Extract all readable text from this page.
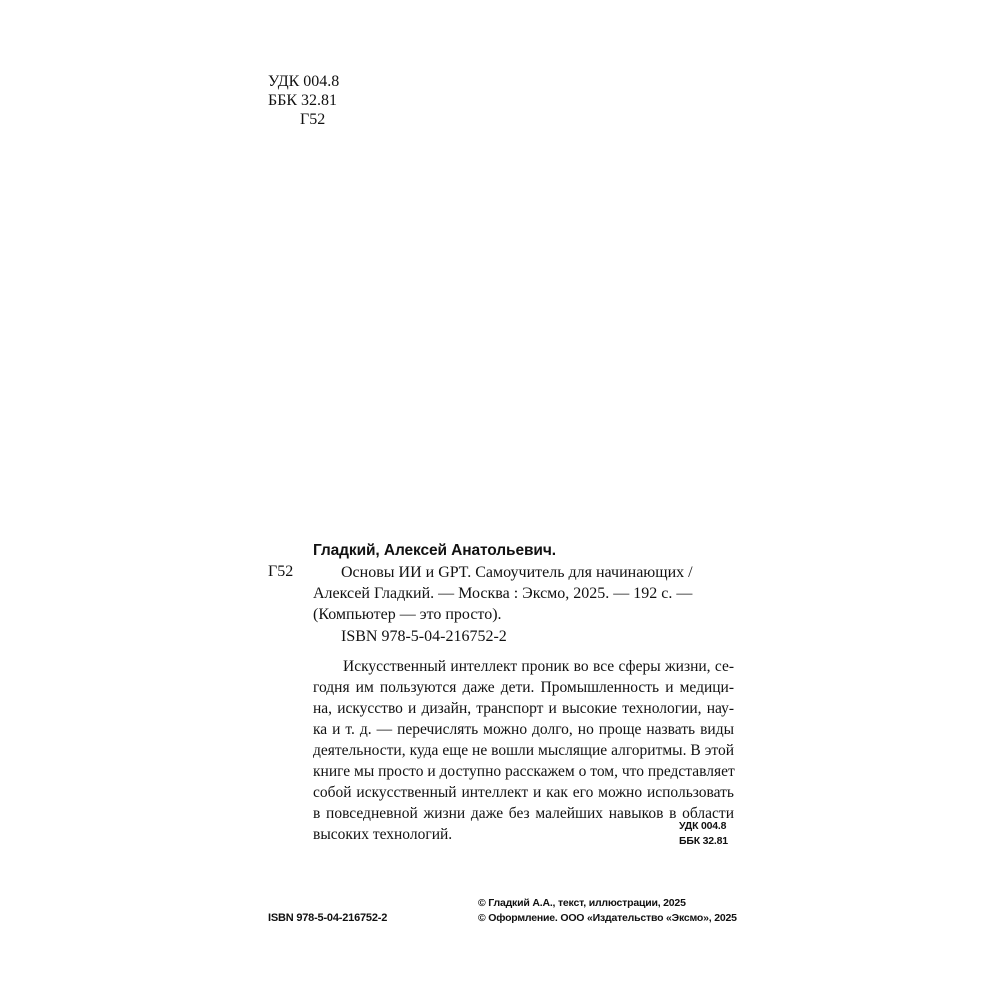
УДК 004.8
ББК 32.81
Г52
Гладкий, Алексей Анатольевич.
Г52	Основы ИИ и GPT. Самоучитель для начинающих /
Алексей Гладкий. — Москва : Эксмо, 2025. — 192 с. —
(Компьютер — это просто).
ISBN 978-5-04-216752-2
Искусственный интеллект проник во все сферы жизни, се-
годня им пользуются даже дети. Промышленность и медици-
на, искусство и дизайн, транспорт и высокие технологии, нау-
ка и т. д. — перечислять можно долго, но проще назвать виды
деятельности, куда еще не вошли мыслящие алгоритмы. В этой
книге мы просто и доступно расскажем о том, что представляет
собой искусственный интеллект и как его можно использовать
в повседневной жизни даже без малейших навыков в области
высоких технологий.	УДК 004.8
ББК 32.81
ISBN 978-5-04-216752-2
© Гладкий А.А., текст, иллюстрации, 2025
© Оформление. ООО «Издательство «Эксмо», 2025
